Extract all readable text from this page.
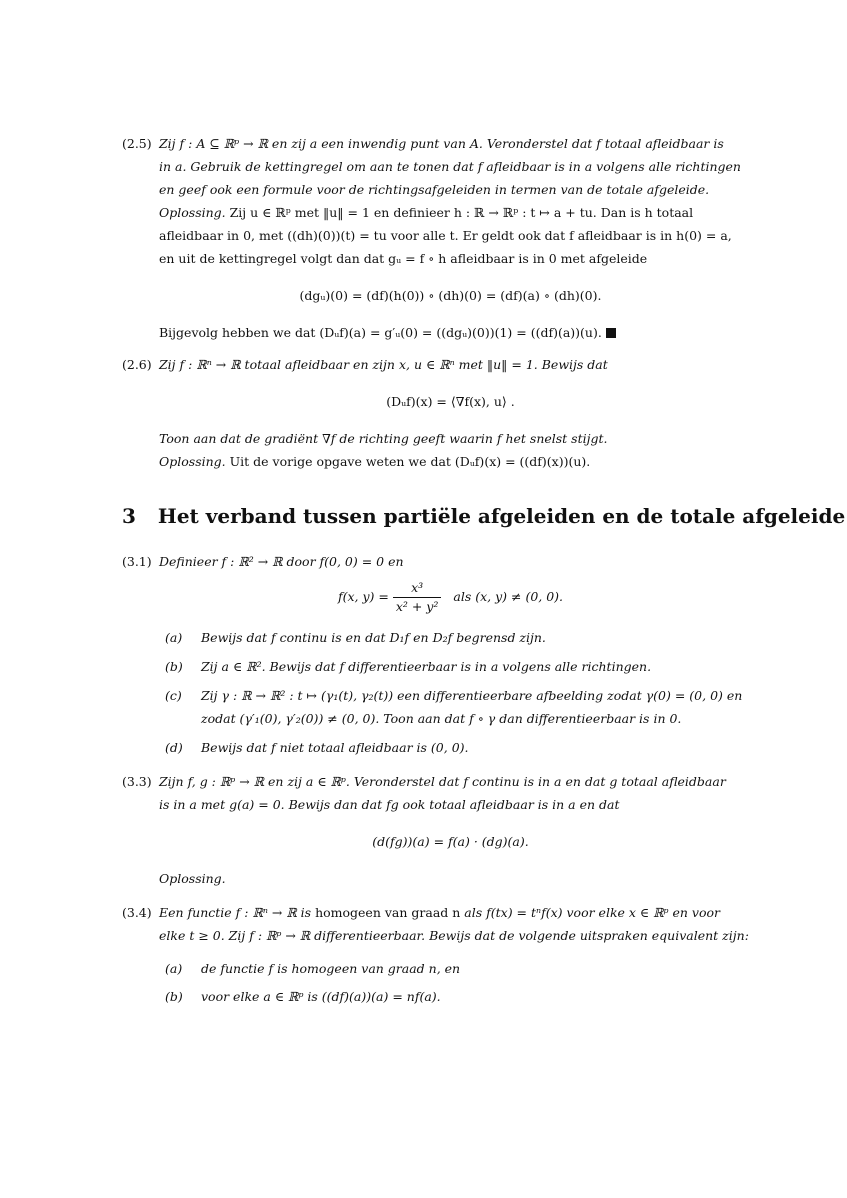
(2.5) Zij f : A ⊆ ℝᵖ → ℝ en zij a een inwendig punt van A. Veronderstel dat f totaal afleidbaar is
in a. Gebruik de kettingregel om aan te tonen dat f afleidbaar is in a volgens alle richtingen
en geef ook een formule voor de richtingsafgeleiden in termen van de totale afgeleide.
Oplossing. Zij u ∈ ℝᵖ met ‖u‖ = 1 en definieer h : ℝ → ℝᵖ : t ↦ a + tu. Dan is h totaal
afleidbaar in 0, met ((dh)(0))(t) = tu voor alle t. Er geldt ook dat f afleidbaar is in h(0) = a,
en uit de kettingregel volgt dan dat gᵤ = f ∘ h afleidbaar is in 0 met afgeleide
(dgᵤ)(0) = (df)(h(0)) ∘ (dh)(0) = (df)(a) ∘ (dh)(0).
Bijgevolg hebben we dat (Dᵤf)(a) = g′ᵤ(0) = ((dgᵤ)(0))(1) = ((df)(a))(u).
(2.6) Zij f : ℝⁿ → ℝ totaal afleidbaar en zijn x, u ∈ ℝⁿ met ‖u‖ = 1. Bewijs dat
(Dᵤf)(x) = ⟨∇f(x), u⟩ .
Toon aan dat de gradiënt ∇f de richting geeft waarin f het snelst stijgt.
Oplossing. Uit de vorige opgave weten we dat (Dᵤf)(x) = ((df)(x))(u).
3 Het verband tussen partiële afgeleiden en de totale afgeleide
(3.1) Definieer f : ℝ² → ℝ door f(0, 0) = 0 en
f(x, $y) = \frac{\text{x³}}{\text{x² + y²}}$ als (x, y) ≠ (0, 0).
(a) Bewijs dat f continu is en dat D₁f en D₂f begrensd zijn.
(b) Zij a ∈ ℝ². Bewijs dat f differentieerbaar is in a volgens alle richtingen.
(c) Zij γ : ℝ → ℝ² : t ↦ (γ₁(t), γ₂(t)) een differentieerbare afbeelding zodat γ(0) = (0, 0) en
zodat (γ′₁(0), γ′₂(0)) ≠ (0, 0). Toon aan dat f ∘ γ dan differentieerbaar is in 0.
(d) Bewijs dat f niet totaal afleidbaar is (0, 0).
(3.3) Zijn f, g : ℝᵖ → ℝ en zij a ∈ ℝᵖ. Veronderstel dat f continu is in a en dat g totaal afleidbaar
is in a met g(a) = 0. Bewijs dan dat fg ook totaal afleidbaar is in a en dat
(d(fg))(a) = f(a) · (dg)(a).
Oplossing.
(3.4) Een functie f : ℝⁿ → ℝ is homogeen van graad n als f(tx) = tⁿf(x) voor elke x ∈ ℝᵖ en voor
elke t ≥ 0. Zij f : ℝᵖ → ℝ differentieerbaar. Bewijs dat de volgende uitspraken equivalent zijn:
(a) de functie f is homogeen van graad n, en
(b) voor elke a ∈ ℝᵖ is ((df)(a))(a) = nf(a).
